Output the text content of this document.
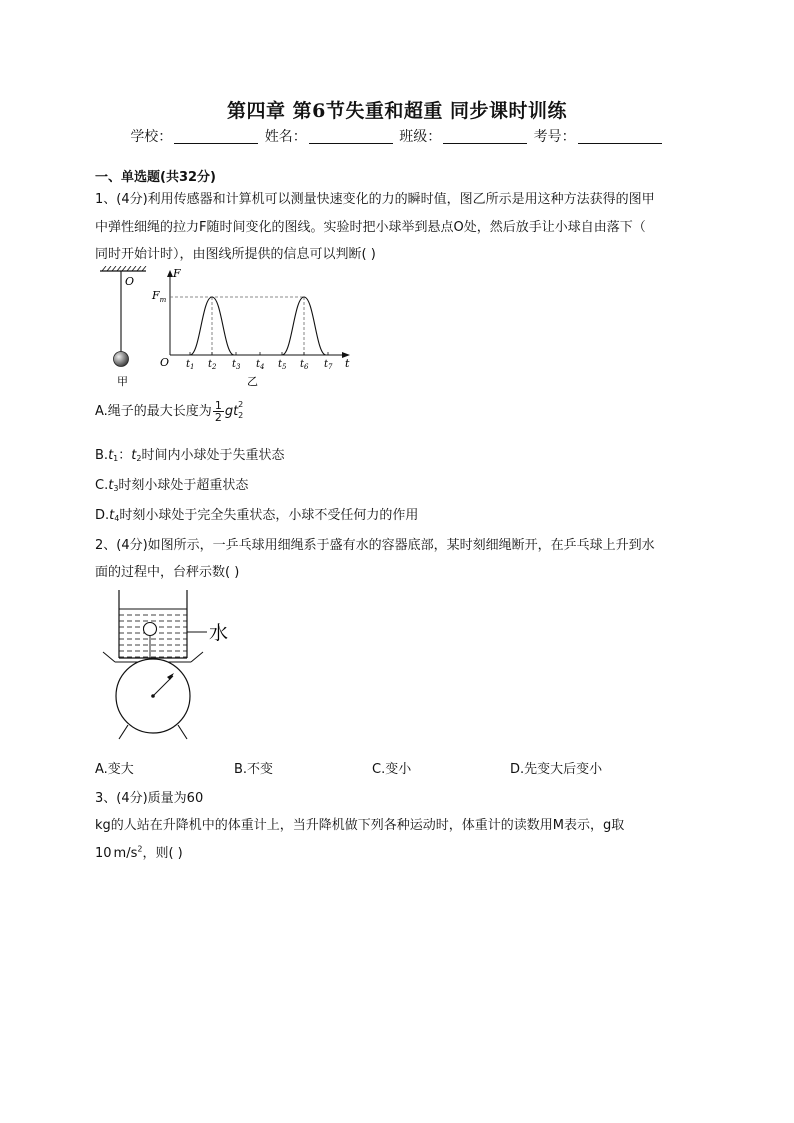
第四章 第6节失重和超重 同步课时训练
学校：	姓名：	班级：	考号：
一、单选题(共32分)
1、(4分)利用传感器和计算机可以测量快速变化的力的瞬时值，图乙所示是用这种方法获得的图甲
中弹性细绳的拉力F随时间变化的图线。实验时把小球举到悬点O处，然后放手让小球自由落下（
同时开始计时），由图线所提供的信息可以判断( )
O
甲
F
$F_m$
O	t
$t_1$ $t_2$ $t_3$ $t_4$ $t_5$ $t_6$ $t_7$
乙
A.绳子的最大长度为 $\frac{1}{2}$ gt 2
2
$B.t_1$：$t_2$时间内小球处于失重状态
$C.t_3$时刻小球处于超重状态
$D.t_4$时刻小球处于完全失重状态，小球不受任何力的作用
2、(4分)如图所示，一乒乓球用细绳系于盛有水的容器底部，某时刻细绳断开，在乒乓球上升到水
面的过程中，台秤示数( )
水
A.变大	B.不变	C.变小	D.先变大后变小
3、(4分)质量为60
kg的人站在升降机中的体重计上，当升降机做下列各种运动时，体重计的读数用M表示，g取
10 $m/s^2$，则( )
